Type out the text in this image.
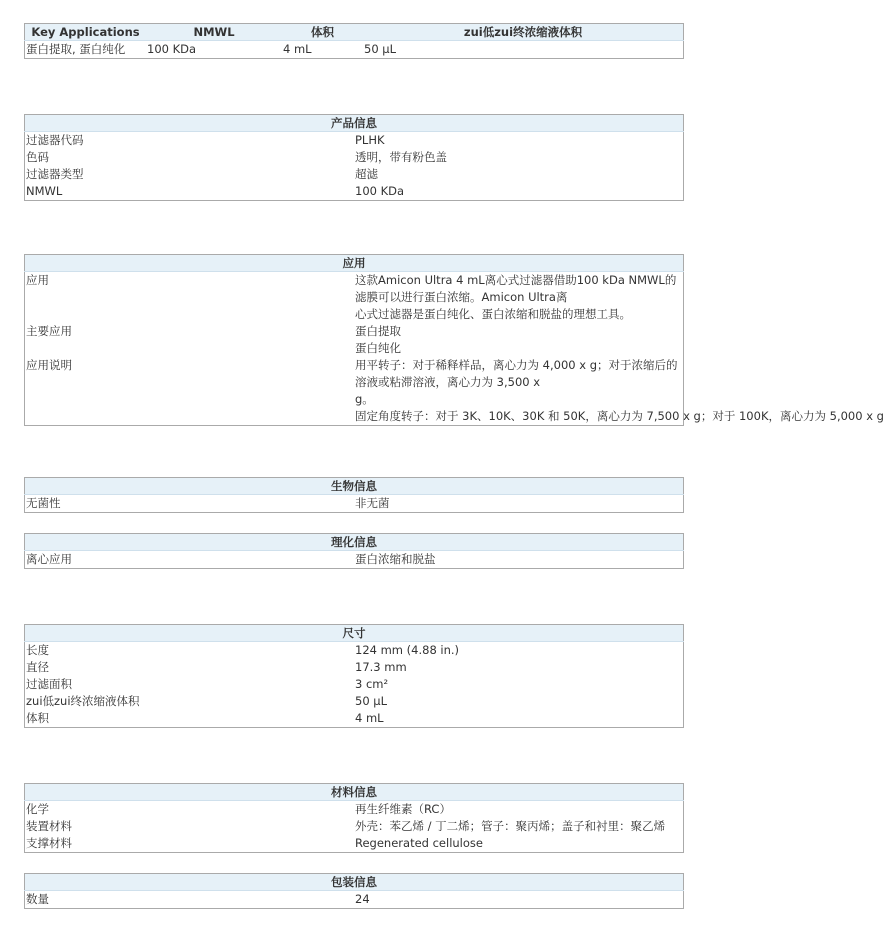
Key Applications	NMWL	体积	zui低zui终浓缩液体积
蛋白提取, 蛋白纯化	100 KDa	4 mL	50 µL
产品信息	
过滤器代码	PLHK
色码	透明，带有粉色盖
过滤器类型	超滤
NMWL	100 KDa
应用	
应用	这款Amicon Ultra 4 mL离心式过滤器借助100 kDa NMWL的滤膜可以进行蛋白浓缩。Amicon Ultra离
心式过滤器是蛋白纯化、蛋白浓缩和脱盐的理想工具。

主要应用	蛋白提取
蛋白纯化

应用说明	用平转子：对于稀释样品，离心力为 4,000 x g；对于浓缩后的溶液或粘滞溶液，离心力为 3,500 x
g。
固定角度转子：对于 3K、10K、30K 和 50K，离心力为 7,500 x g；对于 100K，离心力为 5,000 x g
生物信息
无菌性	非无菌
理化信息
离心应用	蛋白浓缩和脱盐
尺寸	
长度	124 mm (4.88 in.)
直径	17.3 mm
过滤面积	3 cm²
zui低zui终浓缩液体积	50 µL
体积	4 mL
材料信息	
化学	再生纤维素（RC）
装置材料	外壳：苯乙烯 / 丁二烯；管子：聚丙烯；盖子和衬里：聚乙烯
支撑材料	Regenerated cellulose
包装信息
数量	24
